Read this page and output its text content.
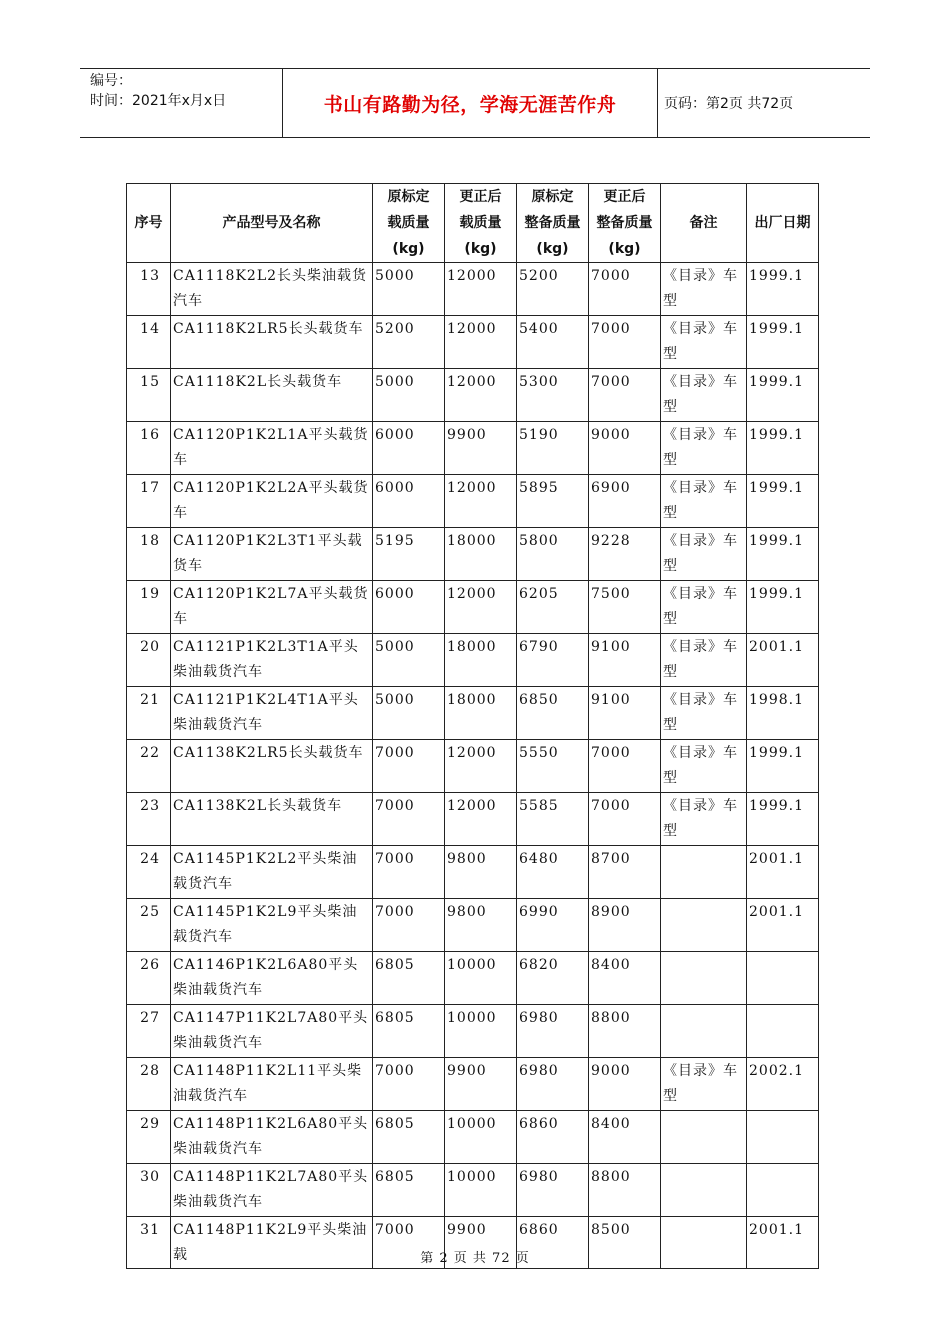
编号：
时间：2021年x月x日	书山有路勤为径，学海无涯苦作舟	页码：第2页 共72页
序号	产品型号及名称	原标定
载质量
(kg)	更正后
载质量
(kg)	原标定
整备质量
(kg)	更正后
整备质量
(kg)	备注	出厂日期
13	CA1118K2L2长头柴油载货汽车	5000	12000	5200	7000	《目录》车型	1999.1
14	CA1118K2LR5长头载货车	5200	12000	5400	7000	《目录》车型	1999.1
15	CA1118K2L长头载货车	5000	12000	5300	7000	《目录》车型	1999.1
16	CA1120P1K2L1A平头载货车	6000	9900	5190	9000	《目录》车型	1999.1
17	CA1120P1K2L2A平头载货车	6000	12000	5895	6900	《目录》车型	1999.1
18	CA1120P1K2L3T1平头载货车	5195	18000	5800	9228	《目录》车型	1999.1
19	CA1120P1K2L7A平头载货车	6000	12000	6205	7500	《目录》车型	1999.1
20	CA1121P1K2L3T1A平头柴油载货汽车	5000	18000	6790	9100	《目录》车型	2001.1
21	CA1121P1K2L4T1A平头柴油载货汽车	5000	18000	6850	9100	《目录》车型	1998.1
22	CA1138K2LR5长头载货车	7000	12000	5550	7000	《目录》车型	1999.1
23	CA1138K2L长头载货车	7000	12000	5585	7000	《目录》车型	1999.1
24	CA1145P1K2L2平头柴油载货汽车	7000	9800	6480	8700		2001.1
25	CA1145P1K2L9平头柴油载货汽车	7000	9800	6990	8900		2001.1
26	CA1146P1K2L6A80平头柴油载货汽车	6805	10000	6820	8400		
27	CA1147P11K2L7A80平头柴油载货汽车	6805	10000	6980	8800		
28	CA1148P11K2L11平头柴油载货汽车	7000	9900	6980	9000	《目录》车型	2002.1
29	CA1148P11K2L6A80平头柴油载货汽车	6805	10000	6860	8400		
30	CA1148P11K2L7A80平头柴油载货汽车	6805	10000	6980	8800		
31	CA1148P11K2L9平头柴油载	7000	9900	6860	8500		2001.1
第 2 页 共 72 页
